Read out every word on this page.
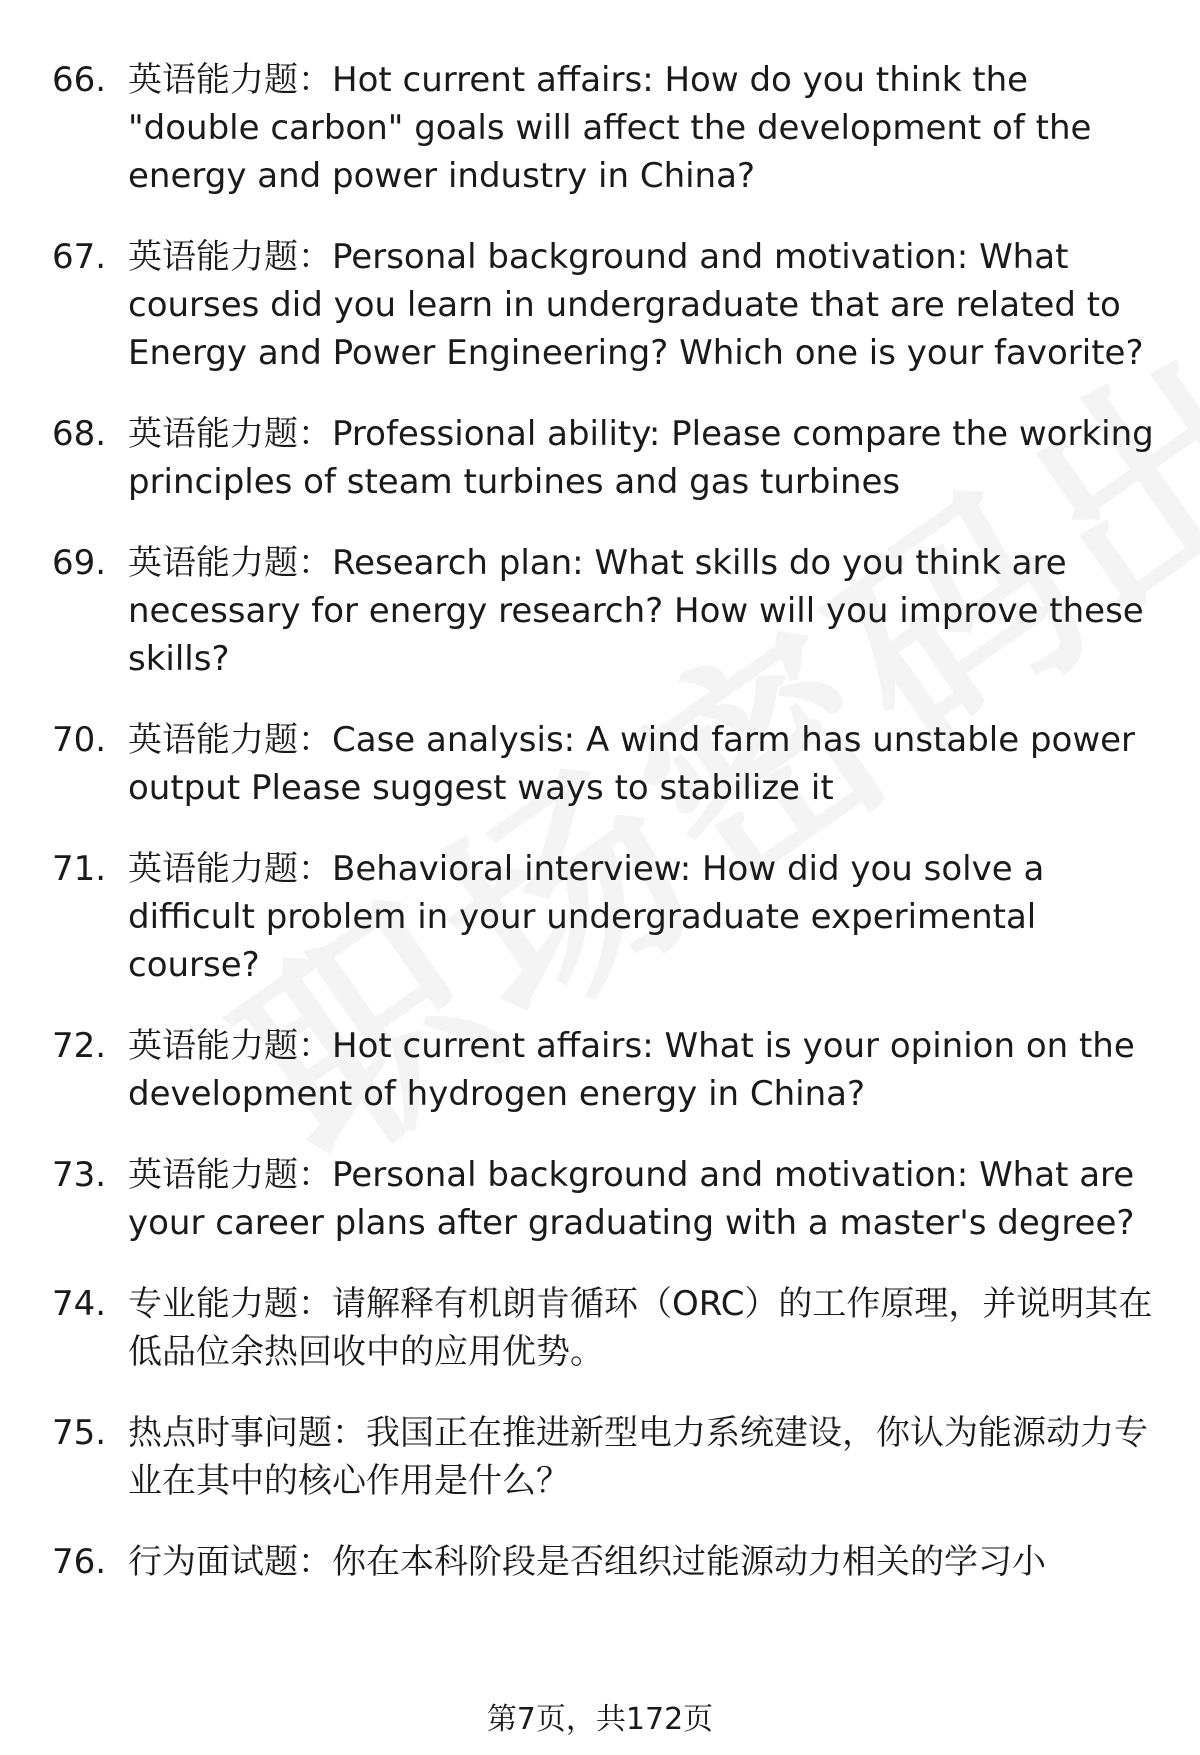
66. 英语能力题：Hot current affairs: How do you think the "double carbon" goals will affect the development of the energy and power industry in China?
67. 英语能力题：Personal background and motivation: What courses did you learn in undergraduate that are related to Energy and Power Engineering? Which one is your favorite?
68. 英语能力题：Professional ability: Please compare the working principles of steam turbines and gas turbines
69. 英语能力题：Research plan: What skills do you think are necessary for energy research? How will you improve these skills?
70. 英语能力题：Case analysis: A wind farm has unstable power output Please suggest ways to stabilize it
71. 英语能力题：Behavioral interview: How did you solve a difficult problem in your undergraduate experimental course?
72. 英语能力题：Hot current affairs: What is your opinion on the development of hydrogen energy in China?
73. 英语能力题：Personal background and motivation: What are your career plans after graduating with a master's degree?
74. 专业能力题：请解释有机朗肯循环（ORC）的工作原理，并说明其在低品位余热回收中的应用优势。
75. 热点时事问题：我国正在推进新型电力系统建设，你认为能源动力专业在其中的核心作用是什么？
76. 行为面试题：你在本科阶段是否组织过能源动力相关的学习小
第7页，共172页
